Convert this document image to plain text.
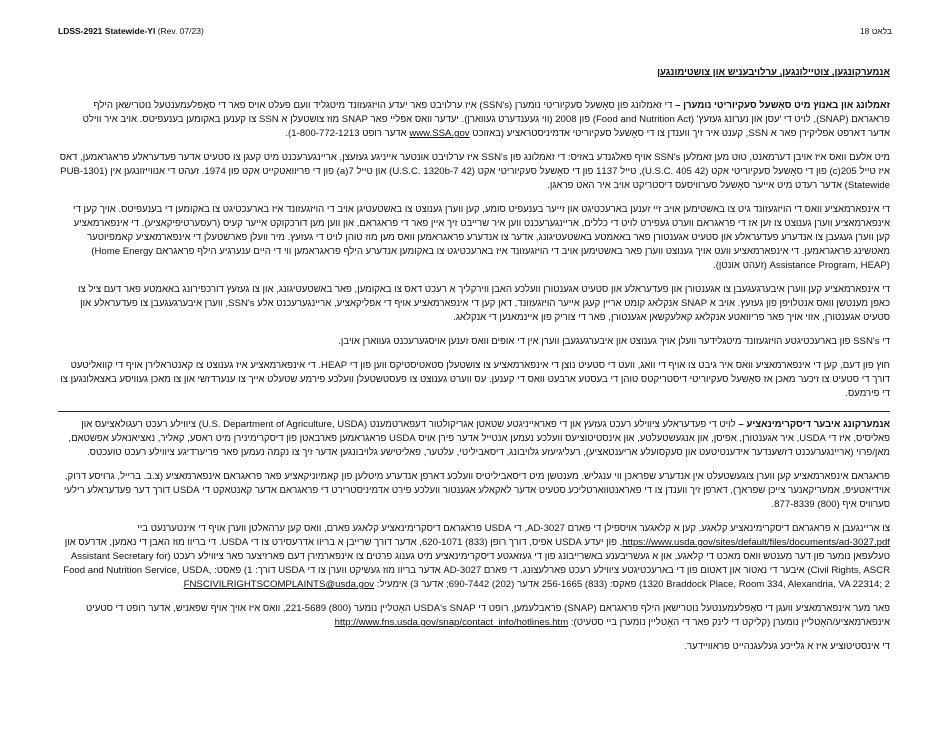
LDSS-2921 Statewide-YI (Rev. 07/23)	בלאט 18
אנמערקונגען, צוטיילונגען, ערלויבעניש און צושטימונגען

זאמלונג און באנוץ מיט סאָשעל סעקיוריטי נומערן – די זאמלונג פון סאָשעל סעקיוריטי נומערן (SSN's) איז ערלויבט פאר יעדע הויזגעזונד מיטגליד וועם פעלט אויס פאר די סאָפּלעמענטעל נוטרישאן הילף פראגראם (SNAP), לויט די 'עסן און נערונג געזעץ' (Food and Nutrition Act) פון 2008 (ווי געענדערט געווארן). יעדער וואס אפּליי פאר SNAP מוז צושטעלן א SSN צו קענען באקומען בענעפיטס. אויב איר ווילט אדער דארפט אפליקירן פאר א SSN, קענט איר זיך ווענדן צו די סאָשעל סעקיוריטי אדמיניסטראציע (באזוכט www.SSA.gov אדער רופט 1-800-772-1213).

מיט אלעם וואס איז אויבן דערמאנט, טוט מען זאמלען SSN's אויף פאלגנדע באזיס: די זאמלונג פון SSN's איז ערלויבט אונטער אייניגע געזעצן, אריינגערעכנט מיט קעגן צו סטעיט אדער פעדעראלע פראגראמען, דאס איז טייל 205(c) פון די סאָשעל סעקיוריטי אקט (42 U.S.C. 405), טייל 1137 פון די סאָשעל סעקיוריטי אקט (42 U.S.C. 1320b-7) און טייל 7(a) פון די פריוואטקייט אקט פון 1974. זעהט די אנווייזונגען אין (PUB-1301 Statewide) אדער רעדט מיט אייער סאָשעל סערוויסעס דיסטריקט אויב איר האט פראגן.

די אינפארמאציע וואס די הויזגעזונד גיט צו באשטימען אויב זיי זענען בארעכטיגט און זייער בענעפיט סומע, קען ווערן גענוצט צו באשטעטיגן אויב די הויזגעזונד איז בארעכטיגט צו באקומען די בענעפיטס. אויך קען די אינפארמאציע ווערן גענוצט צו זען אז די פראגראם ווערט געפירט לויט די כללים, אריינגערעכנט ווען איר שרייבט זיך איין פאר די פראגראם, און ווען מען דורכקוקט אייער קעיס (רעסערטיפיקאציע). די אינפארמאציע קען ווערן געגעבן צו אנדערע פעדעראלע און סטעיט אגענטורן פאר באאמטע באשטעטיגונג, אדער צו אנדערע פראגראמען וואס מען מוז טוהן לויט די געזעץ. מיר וועלן פארשטעלן די אינפארמאציע קאמפיוטער מאטשינג פראגראמען. די אינפארמאציע וועט אויך גענוצט ווערן פאר באשטימען אויב די הויזגעזונד איז בארעכטיגט צו באקומען אנדערע הילף פראגראמען ווי די היים ענערגיע הילף פראגראם (Home Energy Assistance Program, HEAP) (זעהט אונטן).

די אינפארמאציע קען ווערן איבערגעגעבן צו אגענטורן און פעדעראלע און סטעיט אגענטורן וועלכע האבן ווירקליך א רעכט דאס צו באקומען, פאר באשטעטיגונג, און צו געזעץ דורכפירונג באאמטע פאר דעם ציל צו כאפן מענטשן וואס אנטלויפן פון געזעץ. אויב א SNAP אנקלאג קומט אריין קעגן אייער הויזגעזונד, דאן קען די אינפארמאציע אויף די אפליקאציע, אריינגערעכנט אלע SSN's, ווערן איבערגעגעבן צו פעדעראלע און סטעיט אגענטורן, אזוי אויך פאר פריוואטע אנקלאג קאלעקשאן אגענטורן, פאר די צוריק פון איינמאנען די אנקלאג.

די SSN's פון בארעכטיגטע הויזגעזונד מיטגלידער וועלן אויך גענוצט און איבערגעגעבן ווערן אין די אופּים וואס זענען אויסגערעכנט געווארן אויבן.

חוץ פון דעם, קען די אינפארמאציע וואס איר גיבט צו אויף די וואג, וועט די סטעיט נוצן די אינפארמאציע צו צושטעלן סטאטיסטיקס ווען פון די HEAP. די אינפארמאציע איז גענוצט צו קאנטראלירן אויף די קוואליטעט דורך די סטעיט צו זיכער מאכן אז סאָשעל סעקיוריטי דיסטריקטס טוהן די בעסטע ארבעט וואס די קענען. עס ווערט גענוצט צו פעסטשטעלן וועלכע פירמע שטעלט אייך צו ענערדזשי און צו מאכן געוויסע באצאלונגען צו די פירמעס.

אנמערקונג איבער דיסקרימינאציע – לויט די פעדעראלע ציווילע רעכט געזעץ און די פאראייניגטע שטאטן אגריקולטור דעפארטמענט (U.S. Department of Agriculture, USDA) ציווילע רעכט רעגולאציעס און פאליסיס, איז די USDA, איר אגענטורן, אפיסן, און אנגעשטעלטע, און אינסטיטוציעס וועלכע נעמען אנטייל אדער פירן אויס USDA פראגראמען פארבאטן פון דיסקרימינירן מיט ראסע, קאליר, נאציאנאלע אפשטאם, מאן/פרוי (אריינגערעכנט דזשענדער אידענטיטעט און סעקסועלע אריענטאציע), רעליגיעזע גלויבונג, דיסאביליטי, עלטער, פאליטישע גלויבונגען אדער זיך צו נקמה נעמען פאר פריערדיגע ציווילע רעכט טועכטס.

פראגראם אינפארמאציע קען ווערן צוגעשטעלט אין אנדערע שפראכן ווי ענגליש. מענטשן מיט דיסאביליטיס וועלכע דארפן אנדערע מיטלען פון קאמיוניקאציע פאר פראגראם אינפארמאציע (צ.ב. ברייל, גרויסע דרוק, אוידיאטעיפּ, אמעריקאנער צייכן שפראך), דארפן זיך ווענדן צו די פאראנטווארטליכע סטעיט אדער לאקאלע אגענטור וועלכע פירט אדמיניסטרירט די פראגראם אדער קאנטאקט די USDA דורך דער פעדעראלע רילעי סערוויס איף (800) 877-8339.

צו אריינגעבן א פראגראם דיסקרימינאציע קלאגע, קען א קלאגער אויספילן די פארם AD-3027, די USDA פראגראם דיסקרימינאציע קלאגע פארם, וואס קען ערהאלטן ווערן אויף די אינטערנעט ביי https://www.usda.gov/sites/default/files/documents/ad-3027.pdf, פון יעדע USDA אפיס, דורך רופן (833) 620-1071, אדער דורך שרייבן א בריוו אדרעסירט צו די USDA. די בריוו מוז האבן די נאמען, אדרעס און טעלעפאן נומער פון דער מענטש וואס מאכט די קלאגע, און א געשריבענע באשרייבונג פון די געזאגטע דיסקרימינאציע מיט גענוג פרטים צו אינפארמירן דעם פארזיצער פאר ציווילע רעכט (Assistant Secretary for Civil Rights, ASCR) איבער די נאטור און דאטום פון די בארעכטיגטע ציווילע רעכט פארלעצונג. די פארם AD-3027 אדער בריוו מוז געשיקט ווערן צו די USDA דורך: 1) פאסט: Food and Nutrition Service, USDA, 1320 Braddock Place, Room 334, Alexandria, VA 22314; 2) פאקס: (833) 256-1665 אדער (202) 690-7442; אדער 3) אימעיל: FNSCIVILRIGHTSCOMPLAINTS@usda.gov

פאר מער אינפארמאציע וועגן די סאָפּלעמענטעל נוטרישאן הילף פראגראם (SNAP) פראבלעמען, רופט די USDA's SNAP האָטליין נומער (800) 221-5689, וואס איז אויך אויף שפאניש, אדער רופט די סטעיט אינפארמאציע/האָטליין נומערן (קליקט די לינק פאר די האָטליין נומערן ביי סטעיט): http://www.fns.usda.gov/snap/contact_info/hotlines.htm

די אינסטיטוציע איז א גלייכע געלעגנהייט פראוויידער.
